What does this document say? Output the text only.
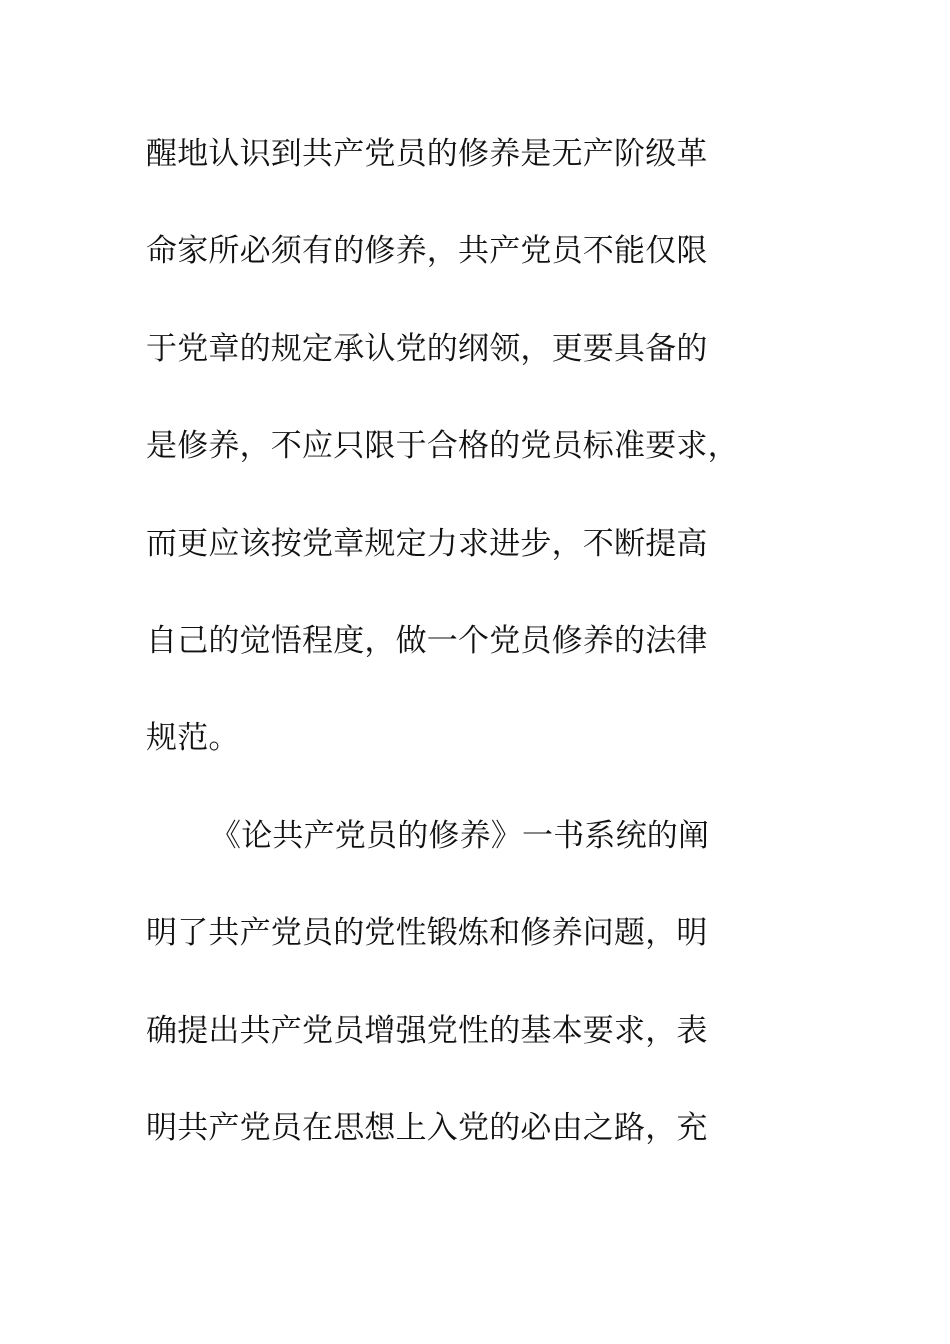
醒地认识到共产党员的修养是无产阶级革
命家所必须有的修养，共产党员不能仅限
于党章的规定承认党的纲领，更要具备的
是修养，不应只限于合格的党员标准要求，
而更应该按党章规定力求进步，不断提高
自己的觉悟程度，做一个党员修养的法律
规范。
《论共产党员的修养》一书系统的阐
明了共产党员的党性锻炼和修养问题，明
确提出共产党员增强党性的基本要求，表
明共产党员在思想上入党的必由之路，充
